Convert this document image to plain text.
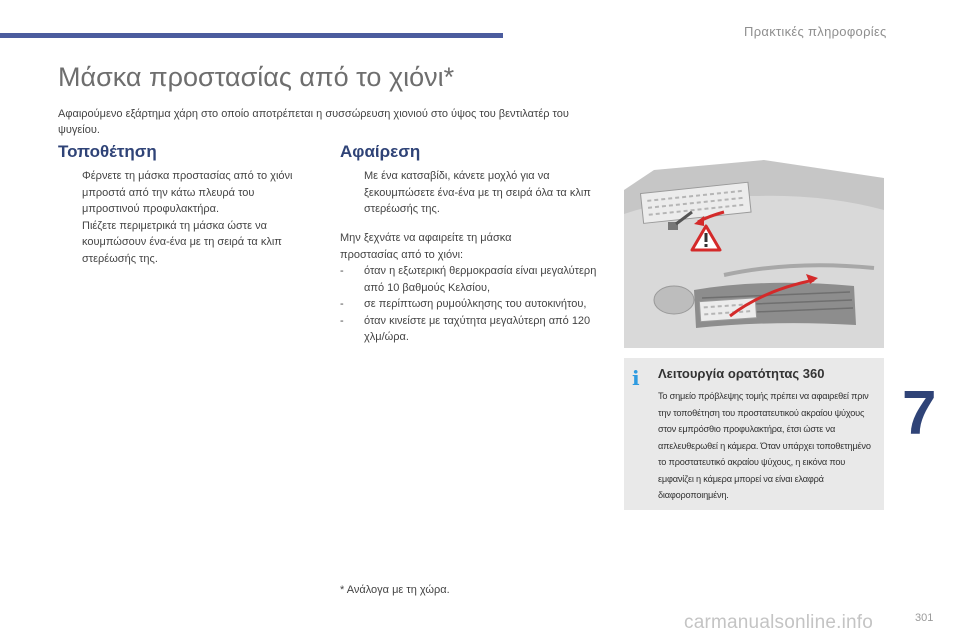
Πρακτικές πληροφορίες
Μάσκα προστασίας από το χιόνι*
Αφαιρούμενο εξάρτημα χάρη στο οποίο αποτρέπεται η συσσώρευση χιονιού στο ύψος του βεντιλατέρ του ψυγείου.
Τοποθέτηση
Φέρνετε τη μάσκα προστασίας από το χιόνι μπροστά από την κάτω πλευρά του μπροστινού προφυλακτήρα.
Πιέζετε περιμετρικά τη μάσκα ώστε να κουμπώσουν ένα-ένα με τη σειρά τα κλιπ στερέωσής της.
Αφαίρεση
Με ένα κατσαβίδι, κάνετε μοχλό για να ξεκουμπώσετε ένα-ένα με τη σειρά όλα τα κλιπ στερέωσής της.
Μην ξεχνάτε να αφαιρείτε τη μάσκα προστασίας από το χιόνι:
- όταν η εξωτερική θερμοκρασία είναι μεγαλύτερη από 10 βαθμούς Κελσίου,
- σε περίπτωση ρυμούλκησης του αυτοκινήτου,
- όταν κινείστε με ταχύτητα μεγαλύτερη από 120 χλμ/ώρα.
i Λειτουργία ορατότητας 360
Το σημείο πρόβλεψης τομής πρέπει να αφαιρεθεί πριν την τοποθέτηση του προστατευτικού ακραίου ψύχους στον εμπρόσθιο προφυλακτήρα, έτσι ώστε να απελευθερωθεί η κάμερα. Όταν υπάρχει τοποθετημένο το προστατευτικό ακραίου ψύχους, η εικόνα που εμφανίζει η κάμερα μπορεί να είναι ελαφρά διαφοροποιημένη.
7
* Ανάλογα με τη χώρα.
carmanualsonline.info	301
